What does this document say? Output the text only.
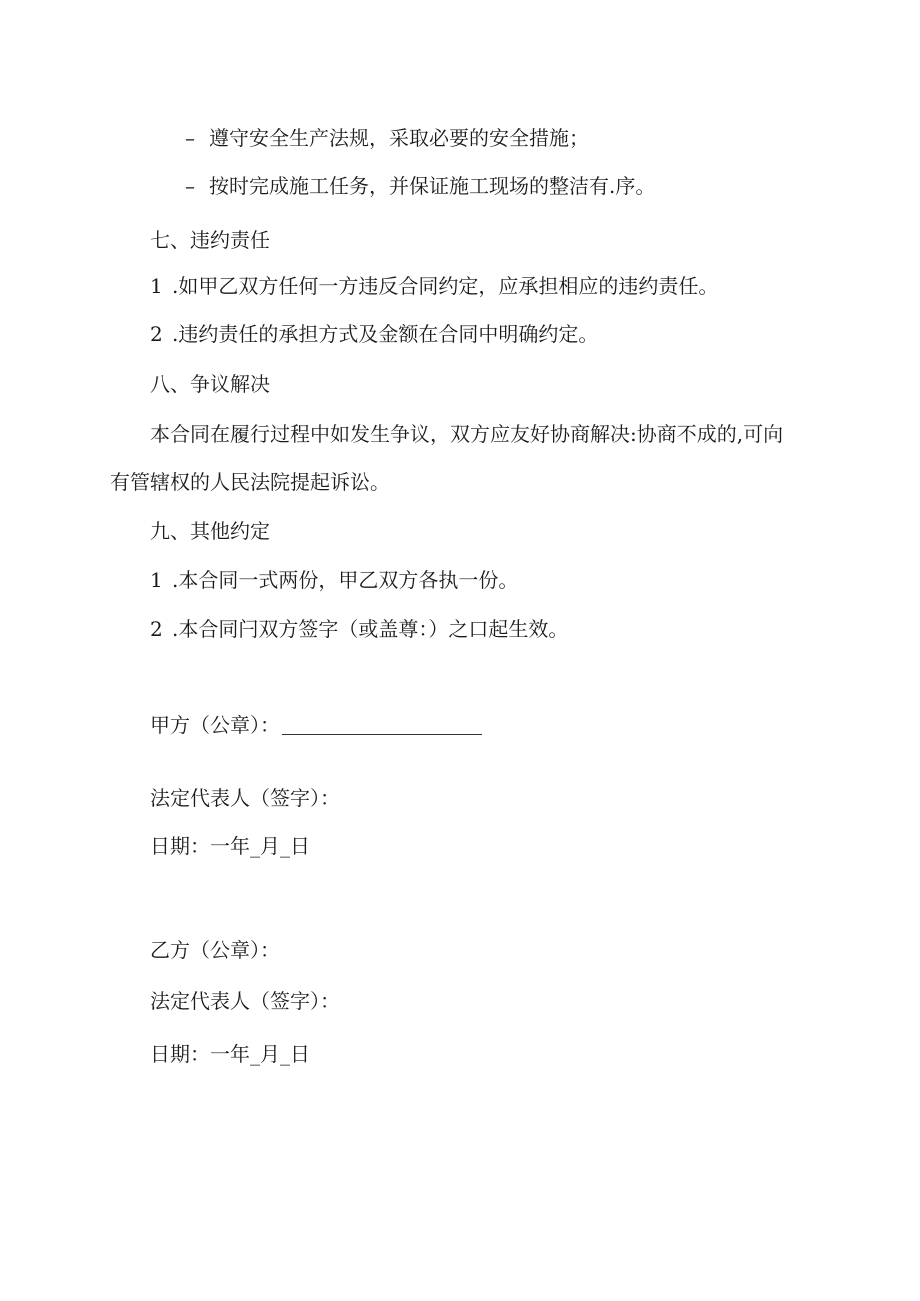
– 遵守安全生产法规，采取必要的安全措施；
– 按时完成施工任务，并保证施工现场的整洁有.序。
七、违约责任
1 .如甲乙双方任何一方违反合同约定，应承担相应的违约责任。
2 .违约责任的承担方式及金额在合同中明确约定。
八、争议解决
本合同在履行过程中如发生争议，双方应友好协商解决:协商不成的,可向
有管辖权的人民法院提起诉讼。
九、其他约定
1 .本合同一式两份，甲乙双方各执一份。
2 .本合同闩双方签字（或盖尊：）之口起生效。
甲方（公章）：
法定代表人（签字）：
日期：一年_月_日
乙方（公章）：
法定代表人（签字）：
日期：一年_月_日
